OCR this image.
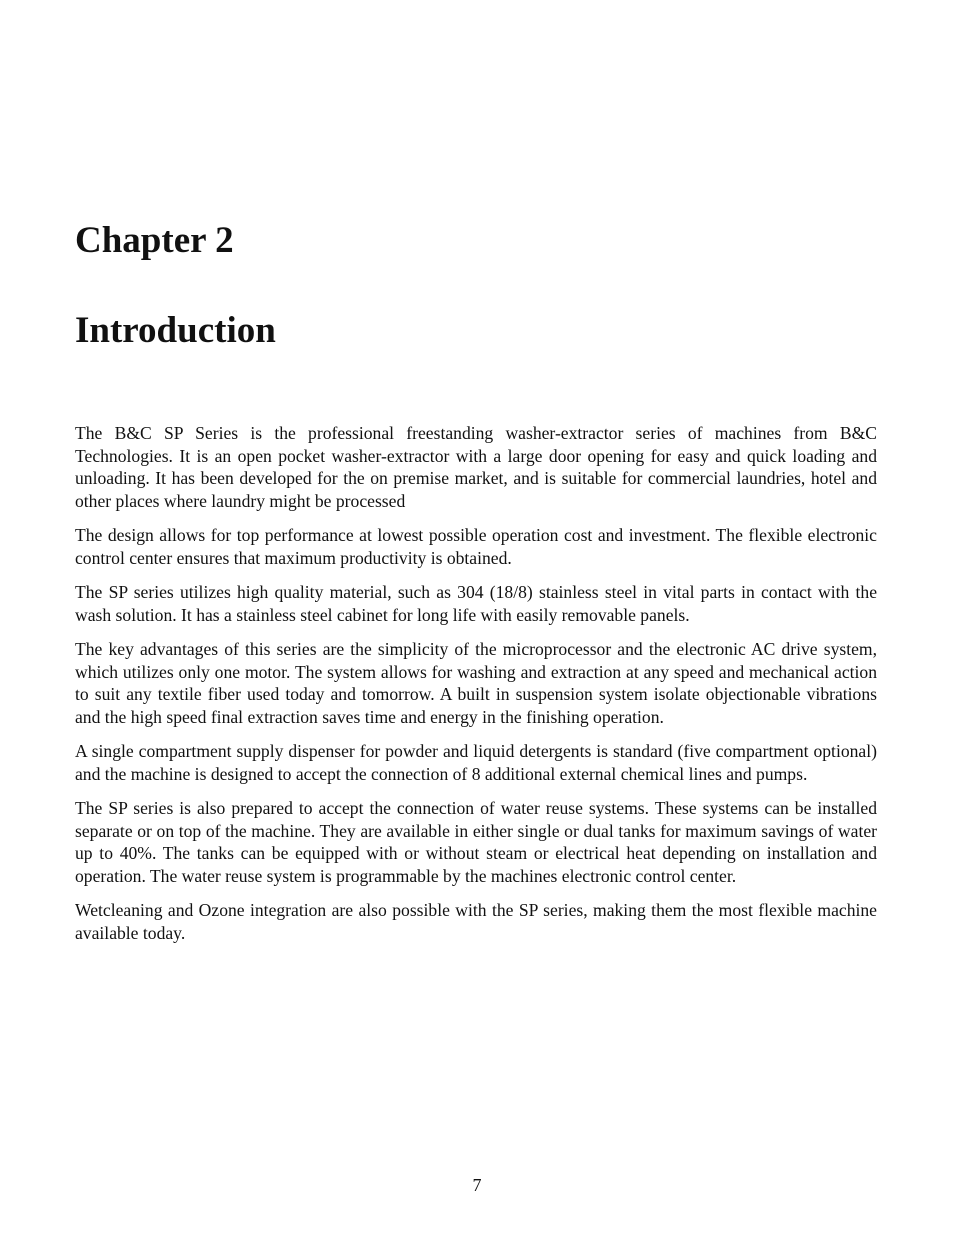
Chapter 2
Introduction

The B&C SP Series is the professional freestanding washer-extractor series of machines from B&C Technologies. It is an open pocket washer-extractor with a large door opening for easy and quick loading and unloading. It has been developed for the on premise market, and is suitable for commercial laundries, hotel and other places where laundry might be processed

The design allows for top performance at lowest possible operation cost and investment. The flexible electronic control center ensures that maximum productivity is obtained.

The SP series utilizes high quality material, such as 304 (18/8) stainless steel in vital parts in contact with the wash solution. It has a stainless steel cabinet for long life with easily removable panels.

The key advantages of this series are the simplicity of the microprocessor and the electronic AC drive system, which utilizes only one motor. The system allows for washing and extraction at any speed and mechanical action to suit any textile fiber used today and tomorrow. A built in suspension system isolate objectionable vibrations and the high speed final extraction saves time and energy in the finishing operation.

A single compartment supply dispenser for powder and liquid detergents is standard (five compartment optional) and the machine is designed to accept the connection of 8 additional external chemical lines and pumps.

The SP series is also prepared to accept the connection of water reuse systems. These systems can be installed separate or on top of the machine. They are available in either single or dual tanks for maximum savings of water up to 40%. The tanks can be equipped with or without steam or electrical heat depending on installation and operation. The water reuse system is programmable by the machines electronic control center.

Wetcleaning and Ozone integration are also possible with the SP series, making them the most flexible machine available today.

7
